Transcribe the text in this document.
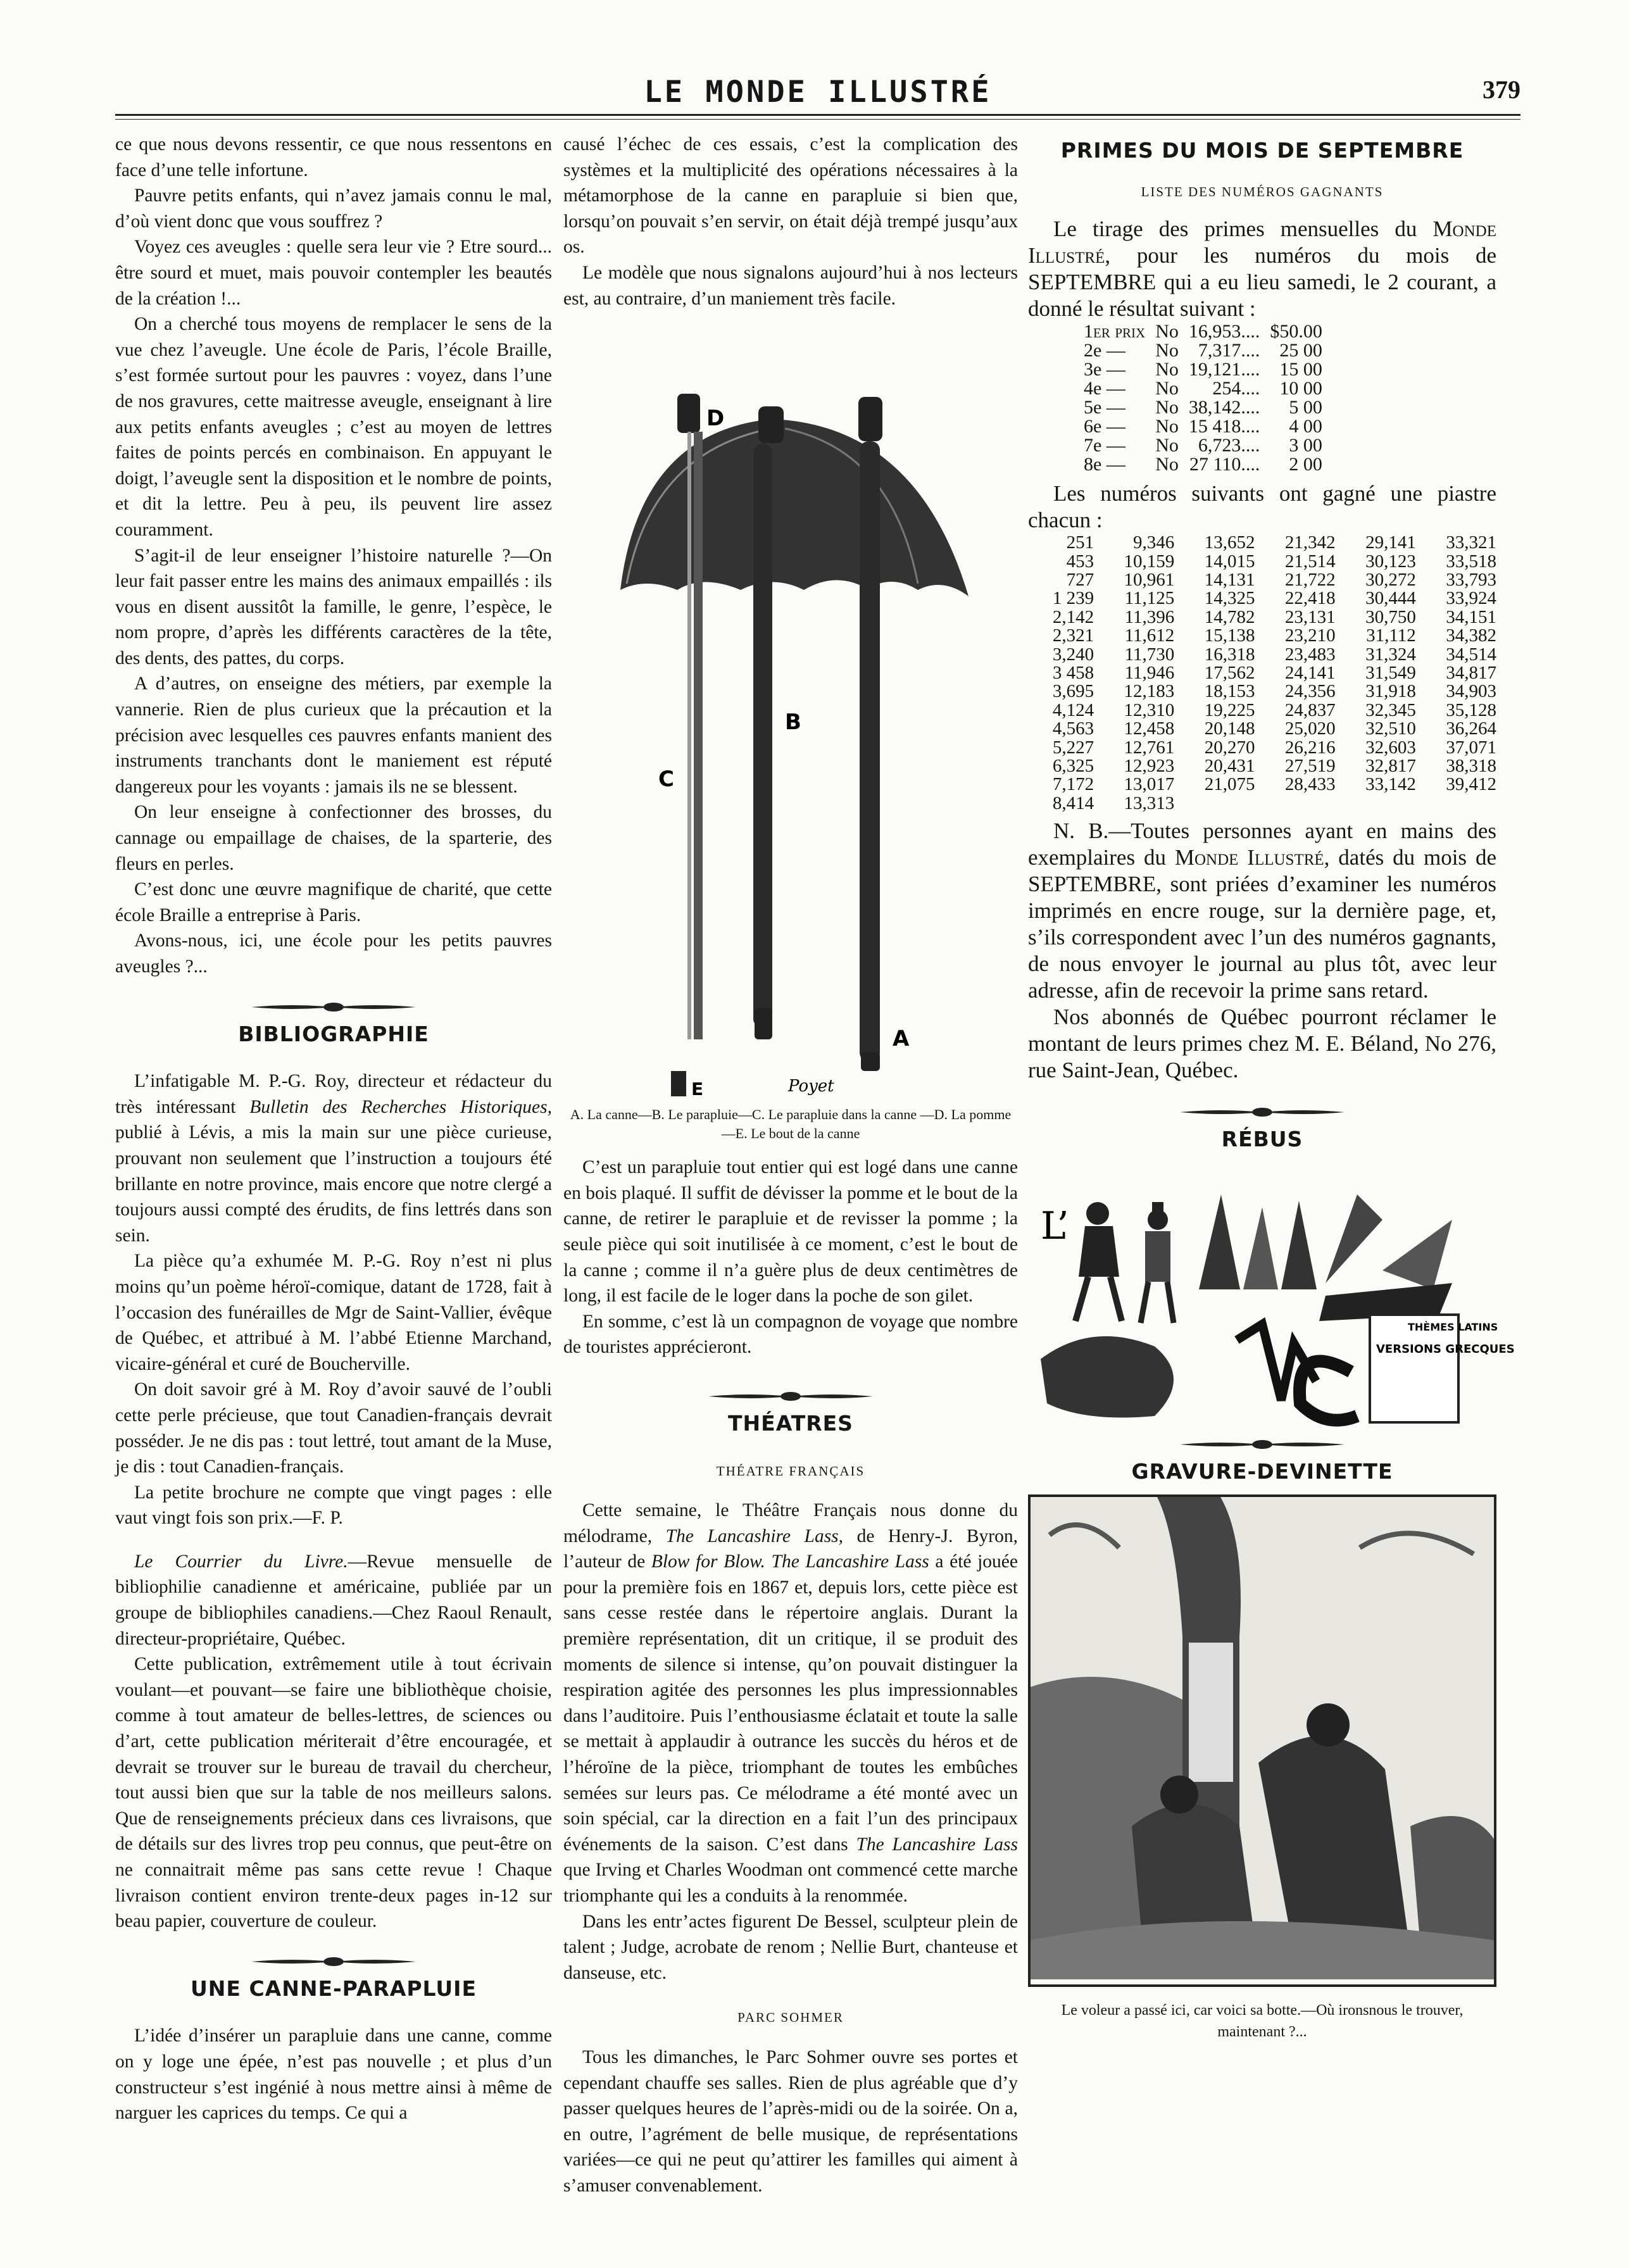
LE MONDE ILLUSTRÉ	379

ce que nous devons ressentir, ce que nous ressentons en face d’une telle infortune.

Pauvre petits enfants, qui n’avez jamais connu le mal, d’où vient donc que vous souffrez ?

Voyez ces aveugles : quelle sera leur vie ? Etre sourd... être sourd et muet, mais pouvoir contempler les beautés de la création !...

On a cherché tous moyens de remplacer le sens de la vue chez l’aveugle. Une école de Paris, l’école Braille, s’est formée surtout pour les pauvres : voyez, dans l’une de nos gravures, cette maitresse aveugle, enseignant à lire aux petits enfants aveugles ; c’est au moyen de lettres faites de points percés en combinaison. En appuyant le doigt, l’aveugle sent la disposition et le nombre de points, et dit la lettre. Peu à peu, ils peuvent lire assez couramment.

S’agit-il de leur enseigner l’histoire naturelle ?—On leur fait passer entre les mains des animaux empaillés : ils vous en disent aussitôt la famille, le genre, l’espèce, le nom propre, d’après les différents caractères de la tête, des dents, des pattes, du corps.

A d’autres, on enseigne des métiers, par exemple la vannerie. Rien de plus curieux que la précaution et la précision avec lesquelles ces pauvres enfants manient des instruments tranchants dont le maniement est réputé dangereux pour les voyants : jamais ils ne se blessent.

On leur enseigne à confectionner des brosses, du cannage ou empaillage de chaises, de la sparterie, des fleurs en perles.

C’est donc une œuvre magnifique de charité, que cette école Braille a entreprise à Paris.

Avons-nous, ici, une école pour les petits pauvres aveugles ?...

BIBLIOGRAPHIE

L’infatigable M. P.-G. Roy, directeur et rédacteur du très intéressant Bulletin des Recherches Historiques, publié à Lévis, a mis la main sur une pièce curieuse, prouvant non seulement que l’instruction a toujours été brillante en notre province, mais encore que notre clergé a toujours aussi compté des érudits, de fins lettrés dans son sein.

La pièce qu’a exhumée M. P.-G. Roy n’est ni plus moins qu’un poème héroï-comique, datant de 1728, fait à l’occasion des funérailles de Mgr de Saint-Vallier, évêque de Québec, et attribué à M. l’abbé Etienne Marchand, vicaire-général et curé de Boucherville.

On doit savoir gré à M. Roy d’avoir sauvé de l’oubli cette perle précieuse, que tout Canadien-français devrait posséder. Je ne dis pas : tout lettré, tout amant de la Muse, je dis : tout Canadien-français.

La petite brochure ne compte que vingt pages : elle vaut vingt fois son prix.—F. P.

Le Courrier du Livre.—Revue mensuelle de bibliophilie canadienne et américaine, publiée par un groupe de bibliophiles canadiens.—Chez Raoul Renault, directeur-propriétaire, Québec.

Cette publication, extrêmement utile à tout écrivain voulant—et pouvant—se faire une bibliothèque choisie, comme à tout amateur de belles-lettres, de sciences ou d’art, cette publication mériterait d’être encouragée, et devrait se trouver sur le bureau de travail du chercheur, tout aussi bien que sur la table de nos meilleurs salons. Que de renseignements précieux dans ces livraisons, que de détails sur des livres trop peu connus, que peut-être on ne connaitrait même pas sans cette revue ! Chaque livraison contient environ trente-deux pages in-12 sur beau papier, couverture de couleur.

UNE CANNE-PARAPLUIE

L’idée d’insérer un parapluie dans une canne, comme on y loge une épée, n’est pas nouvelle ; et plus d’un constructeur s’est ingénié à nous mettre ainsi à même de narguer les caprices du temps. Ce qui a

causé l’échec de ces essais, c’est la complication des systèmes et la multiplicité des opérations nécessaires à la métamorphose de la canne en parapluie si bien que, lorsqu’on pouvait s’en servir, on était déjà trempé jusqu’aux os.

Le modèle que nous signalons aujourd’hui à nos lecteurs est, au contraire, d’un maniement très facile.

D
B
C
A
E	Poyet
A. La canne—B. Le parapluie—C. Le parapluie dans la canne —D. La pomme—E. Le bout de la canne

C’est un parapluie tout entier qui est logé dans une canne en bois plaqué. Il suffit de dévisser la pomme et le bout de la canne, de retirer le parapluie et de revisser la pomme ; la seule pièce qui soit inutilisée à ce moment, c’est le bout de la canne ; comme il n’a guère plus de deux centimètres de long, il est facile de le loger dans la poche de son gilet.

En somme, c’est là un compagnon de voyage que nombre de touristes apprécieront.

THÉATRES
THÉATRE FRANÇAIS

Cette semaine, le Théâtre Français nous donne du mélodrame, The Lancashire Lass, de Henry-J. Byron, l’auteur de Blow for Blow. The Lancashire Lass a été jouée pour la première fois en 1867 et, depuis lors, cette pièce est sans cesse restée dans le répertoire anglais. Durant la première représentation, dit un critique, il se produit des moments de silence si intense, qu’on pouvait distinguer la respiration agitée des personnes les plus impressionnables dans l’auditoire. Puis l’enthousiasme éclatait et toute la salle se mettait à applaudir à outrance les succès du héros et de l’héroïne de la pièce, triomphant de toutes les embûches semées sur leurs pas. Ce mélodrame a été monté avec un soin spécial, car la direction en a fait l’un des principaux événements de la saison. C’est dans The Lancashire Lass que Irving et Charles Woodman ont commencé cette marche triomphante qui les a conduits à la renommée.

Dans les entr’actes figurent De Bessel, sculpteur plein de talent ; Judge, acrobate de renom ; Nellie Burt, chanteuse et danseuse, etc.

PARC SOHMER

Tous les dimanches, le Parc Sohmer ouvre ses portes et cependant chauffe ses salles. Rien de plus agréable que d’y passer quelques heures de l’après-midi ou de la soirée. On a, en outre, l’agrément de belle musique, de représentations variées—ce qui ne peut qu’attirer les familles qui aiment à s’amuser convenablement.

PRIMES DU MOIS DE SEPTEMBRE
LISTE DES NUMÉROS GAGNANTS

Le tirage des primes mensuelles du Monde Illustré, pour les numéros du mois de SEPTEMBRE qui a eu lieu samedi, le 2 courant, a donné le résultat suivant :

1er prix	No	16,953....	$50.00
2e —	No	7,317....	25 00
3e —	No	19,121....	15 00
4e —	No	254....	10 00
5e —	No	38,142....	5 00
6e —	No	15 418....	4 00
7e —	No	6,723....	3 00
8e —	No	27 110....	2 00

Les numéros suivants ont gagné une piastre chacun :

251	9,346	13,652	21,342	29,141	33,321
453	10,159	14,015	21,514	30,123	33,518
727	10,961	14,131	21,722	30,272	33,793
1 239	11,125	14,325	22,418	30,444	33,924
2,142	11,396	14,782	23,131	30,750	34,151
2,321	11,612	15,138	23,210	31,112	34,382
3,240	11,730	16,318	23,483	31,324	34,514
3 458	11,946	17,562	24,141	31,549	34,817
3,695	12,183	18,153	24,356	31,918	34,903
4,124	12,310	19,225	24,837	32,345	35,128
4,563	12,458	20,148	25,020	32,510	36,264
5,227	12,761	20,270	26,216	32,603	37,071
6,325	12,923	20,431	27,519	32,817	38,318
7,172	13,017	21,075	28,433	33,142	39,412
8,414	13,313				

N. B.—Toutes personnes ayant en mains des exemplaires du Monde Illustré, datés du mois de SEPTEMBRE, sont priées d’examiner les numéros imprimés en encre rouge, sur la dernière page, et, s’ils correspondent avec l’un des numéros gagnants, de nous envoyer le journal au plus tôt, avec leur adresse, afin de recevoir la prime sans retard.

Nos abonnés de Québec pourront réclamer le montant de leurs primes chez M. E. Béland, No 276, rue Saint-Jean, Québec.

RÉBUS
L’
VERSIONS GRECQUES
THÈMES LATINS
GRAVURE-DEVINETTE
Le voleur a passé ici, car voici sa botte.—Où ironsnous le trouver, maintenant ?...
